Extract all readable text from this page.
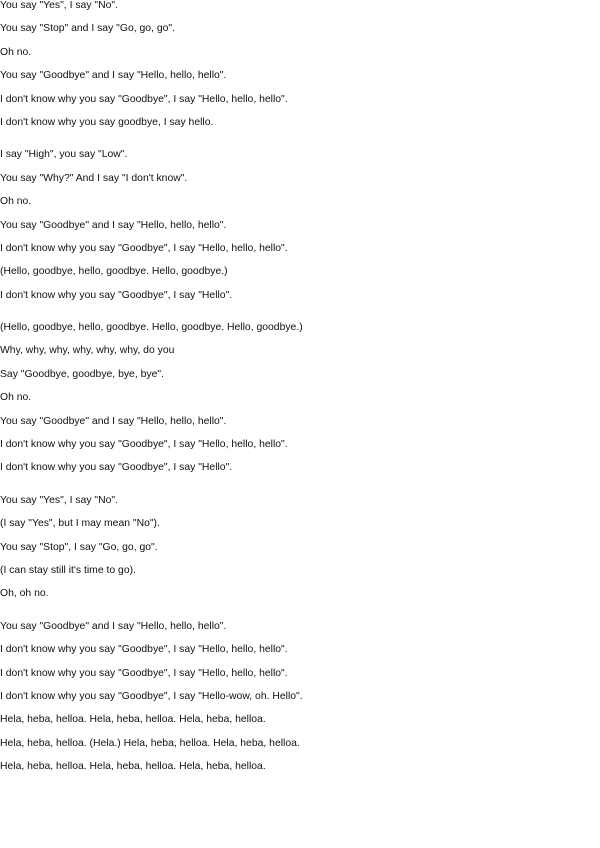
You say "Yes", I say "No".
You say "Stop" and I say "Go, go, go".
Oh no.
You say "Goodbye" and I say "Hello, hello, hello".
I don't know why you say "Goodbye", I say "Hello, hello, hello".
I don't know why you say goodbye, I say hello.
I say "High", you say "Low".
You say "Why?" And I say "I don't know".
Oh no.
You say "Goodbye" and I say "Hello, hello, hello".
I don't know why you say "Goodbye", I say "Hello, hello, hello".
(Hello, goodbye, hello, goodbye. Hello, goodbye.)
I don't know why you say "Goodbye", I say "Hello".
(Hello, goodbye, hello, goodbye. Hello, goodbye. Hello, goodbye.)
Why, why, why, why, why, why, do you
Say "Goodbye, goodbye, bye, bye".
Oh no.
You say "Goodbye" and I say "Hello, hello, hello".
I don't know why you say "Goodbye", I say "Hello, hello, hello".
I don't know why you say "Goodbye", I say "Hello".
You say "Yes", I say "No".
(I say "Yes", but I may mean "No").
You say "Stop", I say "Go, go, go".
(I can stay still it's time to go).
Oh, oh no.
You say "Goodbye" and I say "Hello, hello, hello".
I don't know why you say "Goodbye", I say "Hello, hello, hello".
I don't know why you say "Goodbye", I say "Hello, hello, hello".
I don't know why you say "Goodbye", I say "Hello-wow, oh. Hello".
Hela, heba, helloa. Hela, heba, helloa. Hela, heba, helloa.
Hela, heba, helloa. (Hela.) Hela, heba, helloa. Hela, heba, helloa.
Hela, heba, helloa. Hela, heba, helloa. Hela, heba, helloa.
